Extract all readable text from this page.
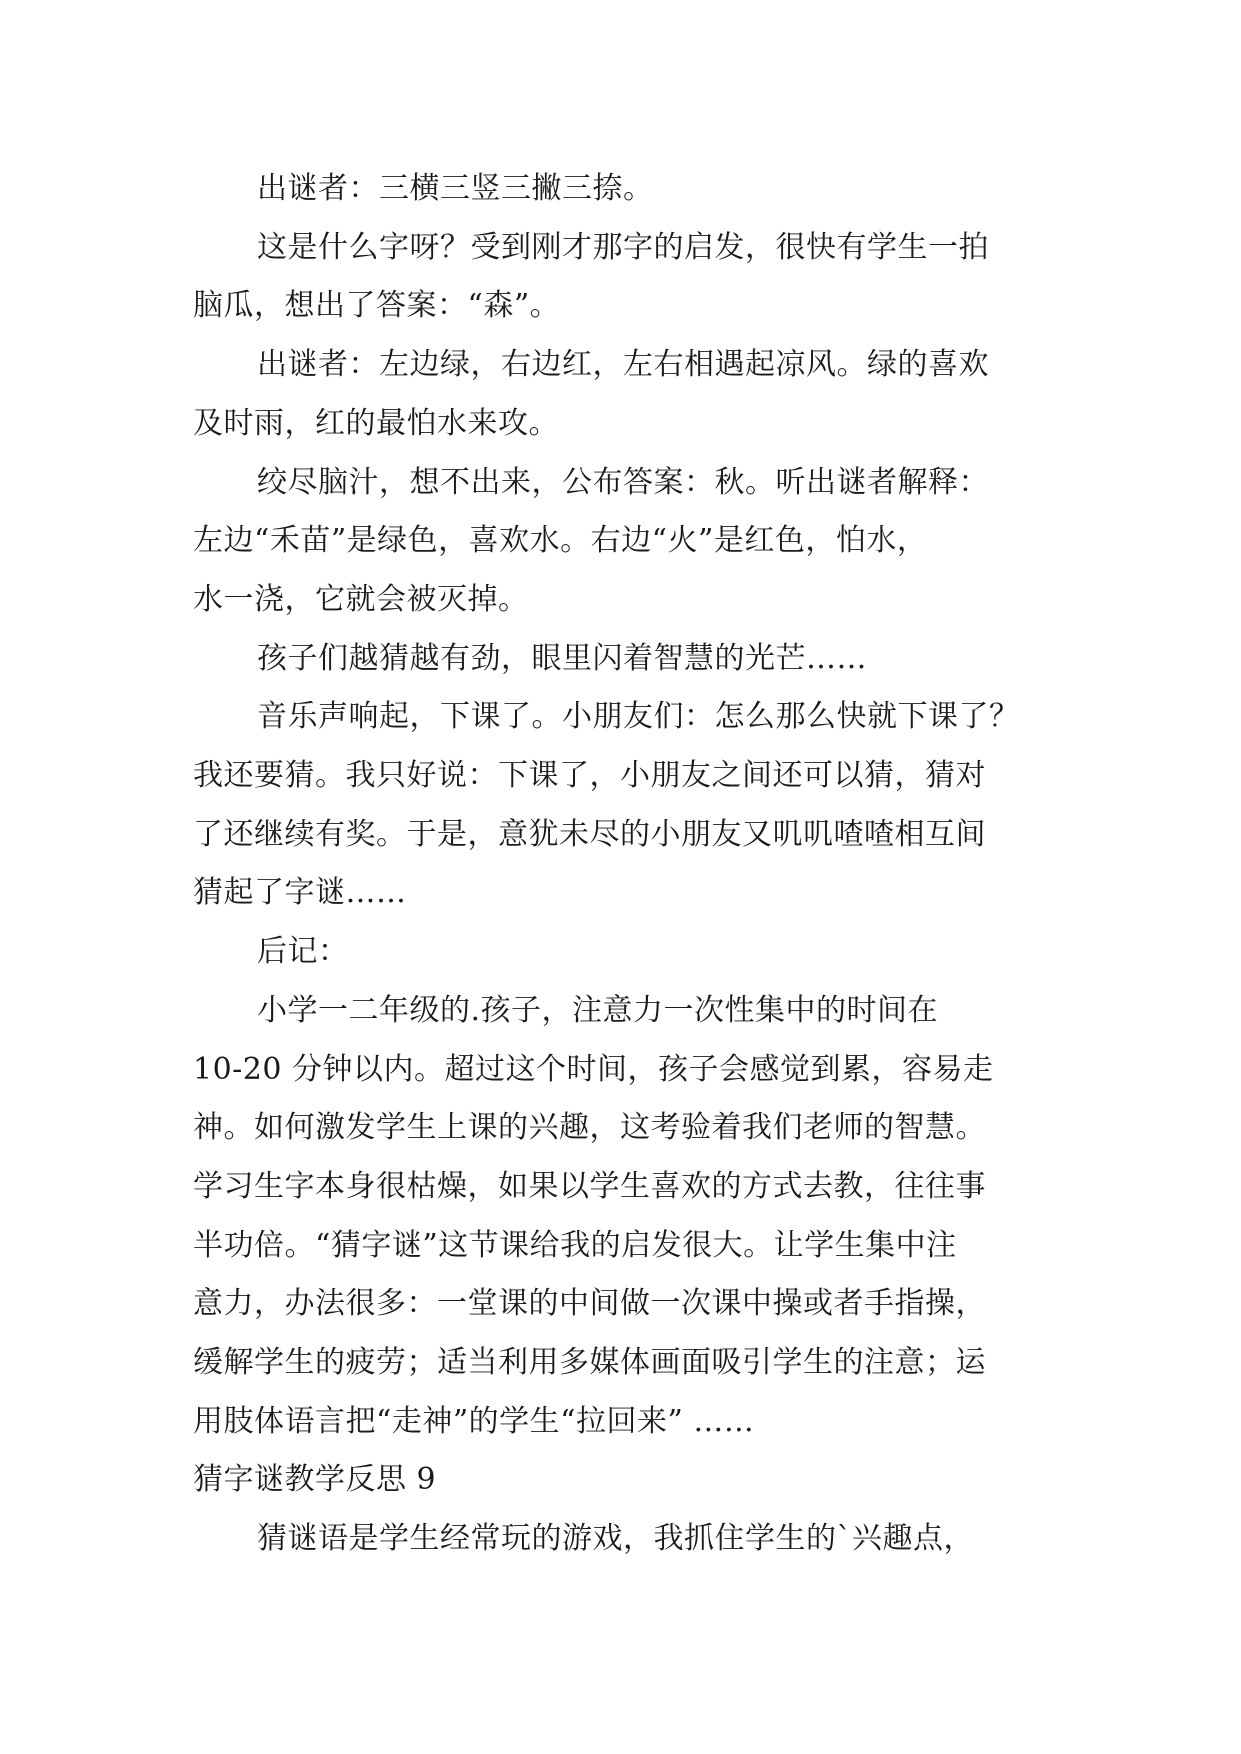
出谜者：三横三竖三撇三捺。
这是什么字呀？受到刚才那字的启发，很快有学生一拍
脑瓜，想出了答案：“森”。
出谜者：左边绿，右边红，左右相遇起凉风。绿的喜欢
及时雨，红的最怕水来攻。
绞尽脑汁，想不出来，公布答案：秋。听出谜者解释：
左边“禾苗”是绿色，喜欢水。右边“火”是红色，怕水，
水一浇，它就会被灭掉。
孩子们越猜越有劲，眼里闪着智慧的光芒……
音乐声响起，下课了。小朋友们：怎么那么快就下课了？
我还要猜。我只好说：下课了，小朋友之间还可以猜，猜对
了还继续有奖。于是，意犹未尽的小朋友又叽叽喳喳相互间
猜起了字谜……
后记：
小学一二年级的.孩子，注意力一次性集中的时间在
10-20 分钟以内。超过这个时间，孩子会感觉到累，容易走
神。如何激发学生上课的兴趣，这考验着我们老师的智慧。
学习生字本身很枯燥，如果以学生喜欢的方式去教，往往事
半功倍。“猜字谜”这节课给我的启发很大。让学生集中注
意力，办法很多：一堂课的中间做一次课中操或者手指操，
缓解学生的疲劳；适当利用多媒体画面吸引学生的注意；运
用肢体语言把“走神”的学生“拉回来” ……
猜字谜教学反思 9
猜谜语是学生经常玩的游戏，我抓住学生的`兴趣点，
